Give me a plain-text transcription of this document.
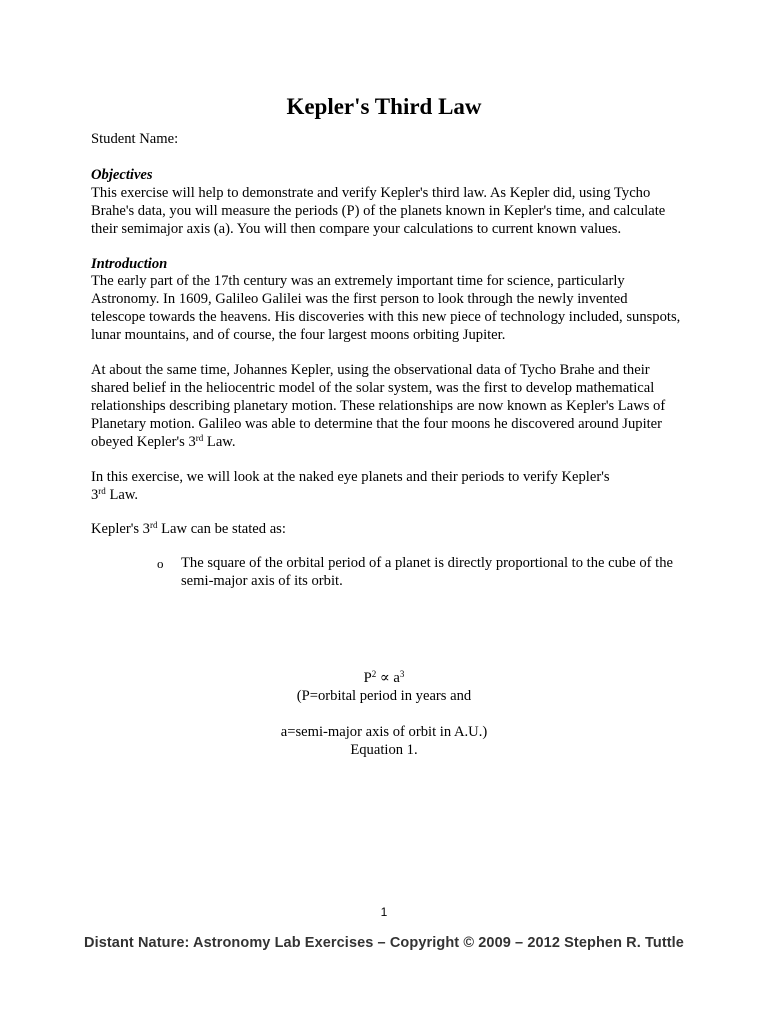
Kepler's Third Law

Student Name:

Objectives

This exercise will help to demonstrate and verify Kepler's third law. As Kepler did, using Tycho Brahe's data, you will measure the periods (P) of the planets known in Kepler's time, and calculate their semimajor axis (a). You will then compare your calculations to current known values.

Introduction

The early part of the 17th century was an extremely important time for science, particularly Astronomy. In 1609, Galileo Galilei was the first person to look through the newly invented telescope towards the heavens. His discoveries with this new piece of technology included, sunspots, lunar mountains, and of course, the four largest moons orbiting Jupiter.

At about the same time, Johannes Kepler, using the observational data of Tycho Brahe and their shared belief in the heliocentric model of the solar system, was the first to develop mathematical relationships describing planetary motion. These relationships are now known as Kepler's Laws of Planetary motion. Galileo was able to determine that the four moons he discovered around Jupiter obeyed Kepler's 3rd Law.

In this exercise, we will look at the naked eye planets and their periods to verify Kepler's
3rd Law.

Kepler's 3rd Law can be stated as:

o	The square of the orbital period of a planet is directly proportional to the cube of the semi-major axis of its orbit.

$P^2 \propto a^3$

(P=orbital period in years and

a=semi-major axis of orbit in A.U.)

Equation 1.

1
Distant Nature: Astronomy Lab Exercises – Copyright © 2009 – 2012 Stephen R. Tuttle
